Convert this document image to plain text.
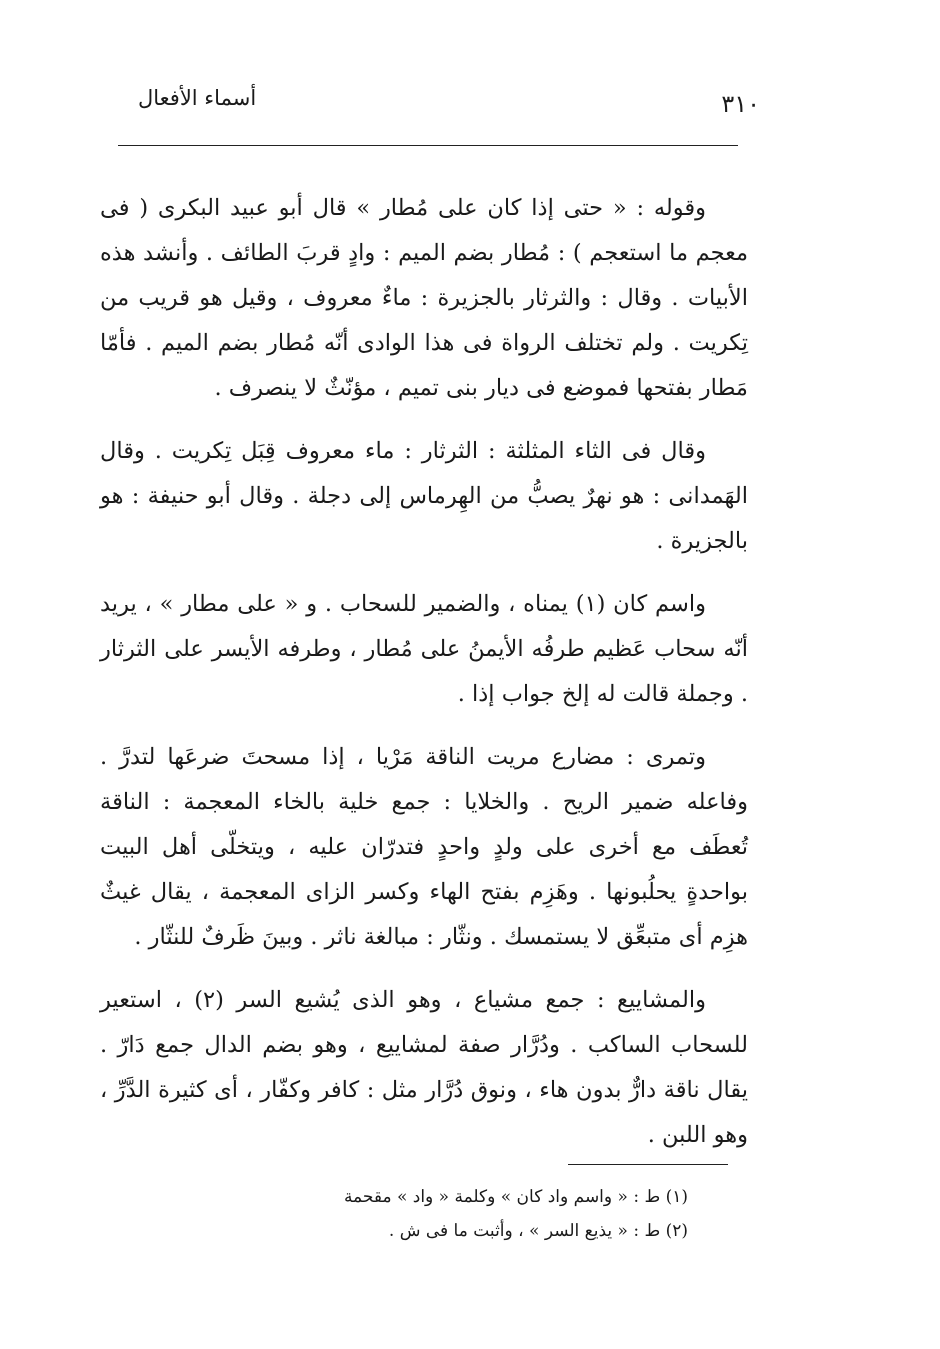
أسماء الأفعال	٣١٠

وقوله : « حتى إذا كان على مُطار » قال أبو عبيد البكرى ( فى معجم ما استعجم ) : مُطار بضم الميم : وادٍ قربَ الطائف . وأنشد هذه الأبيات . وقال : والثرثار بالجزيرة : ماءٌ معروف ، وقيل هو قريب من تِكريت . ولم تختلف الرواة فى هذا الوادى أنّه مُطار بضم الميم . فأمّا مَطار بفتحها فموضع فى ديار بنى تميم ، مؤنّثٌ لا ينصرف .

وقال فى الثاء المثلثة : الثرثار : ماء معروف قِبَل تِكريت . وقال الهَمدانى : هو نهرٌ يصبُّ من الهِرماس إلى دجلة . وقال أبو حنيفة : هو بالجزيرة .

واسم كان (١) يمناه ، والضمير للسحاب . و « على مطار » ، يريد أنّه سحاب عَظيم طرفُه الأيمنُ على مُطار ، وطرفه الأيسر على الثرثار . وجملة قالت له إلخ جواب إذا .

وتمرى : مضارع مريت الناقة مَرْيا ، إذا مسحتَ ضرعَها لتدرَّ . وفاعله ضمير الريح . والخلايا : جمع خلية بالخاء المعجمة : الناقة تُعطَف مع أخرى على ولدٍ واحدٍ فتدرّان عليه ، ويتخلّى أهل البيت بواحدةٍ يحلُبونها . وهَزِم بفتح الهاء وكسر الزاى المعجمة ، يقال غيثٌ هزِم أى متبعِّق لا يستمسك . ونثّار : مبالغة ناثر . وبينَ ظَرفٌ للنثّار .

والمشاييع : جمع مشياع ، وهو الذى يُشيع السر (٢) ، استعير للسحاب الساكب . ودُرَّار صفة لمشاييع ، وهو بضم الدال جمع دَارّ . يقال ناقة دارٌّ بدون هاء ، ونوق دُرَّار مثل : كافر وكفّار ، أى كثيرة الدَّرِّ ، وهو اللبن .

(١) ط : « واسم واد كان » وكلمة « واد » مقحمة

(٢) ط : « يذيع السر » ، وأثبت ما فى ش .
